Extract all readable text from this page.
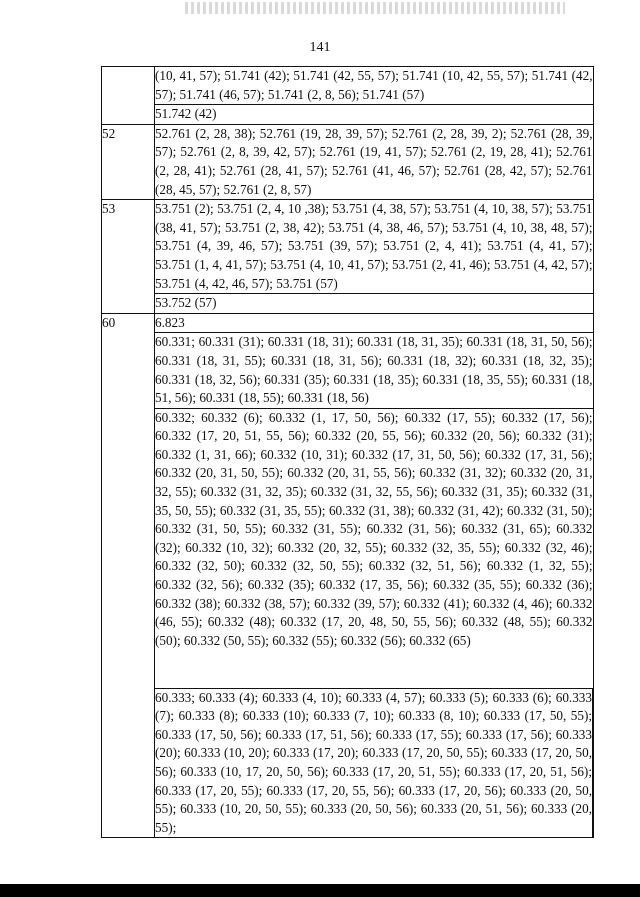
141

	(10, 41, 57); 51.741 (42); 51.741 (42, 55, 57); 51.741 (10, 42, 55, 57); 51.741 (42, 57); 51.741 (46, 57); 51.741 (2, 8, 56); 51.741 (57)

	51.742 (42)

52	52.761 (2, 28, 38); 52.761 (19, 28, 39, 57); 52.761 (2, 28, 39, 2); 52.761 (28, 39, 57); 52.761 (2, 8, 39, 42, 57); 52.761 (19, 41, 57); 52.761 (2, 19, 28, 41); 52.761 (2, 28, 41); 52.761 (28, 41, 57); 52.761 (41, 46, 57); 52.761 (28, 42, 57); 52.761 (28, 45, 57); 52.761 (2, 8, 57)

53	53.751 (2); 53.751 (2, 4, 10 ,38); 53.751 (4, 38, 57); 53.751 (4, 10, 38, 57); 53.751 (38, 41, 57); 53.751 (2, 38, 42); 53.751 (4, 38, 46, 57); 53.751 (4, 10, 38, 48, 57); 53.751 (4, 39, 46, 57); 53.751 (39, 57); 53.751 (2, 4, 41); 53.751 (4, 41, 57); 53.751 (1, 4, 41, 57); 53.751 (4, 10, 41, 57); 53.751 (2, 41, 46); 53.751 (4, 42, 57); 53.751 (4, 42, 46, 57); 53.751 (57)

	53.752 (57)

60	6.823

	60.331; 60.331 (31); 60.331 (18, 31); 60.331 (18, 31, 35); 60.331 (18, 31, 50, 56); 60.331 (18, 31, 55); 60.331 (18, 31, 56); 60.331 (18, 32); 60.331 (18, 32, 35); 60.331 (18, 32, 56); 60.331 (35); 60.331 (18, 35); 60.331 (18, 35, 55); 60.331 (18, 51, 56); 60.331 (18, 55); 60.331 (18, 56)

	60.332; 60.332 (6); 60.332 (1, 17, 50, 56); 60.332 (17, 55); 60.332 (17, 56); 60.332 (17, 20, 51, 55, 56); 60.332 (20, 55, 56); 60.332 (20, 56); 60.332 (31); 60.332 (1, 31, 66); 60.332 (10, 31); 60.332 (17, 31, 50, 56); 60.332 (17, 31, 56); 60.332 (20, 31, 50, 55); 60.332 (20, 31, 55, 56); 60.332 (31, 32); 60.332 (20, 31, 32, 55); 60.332 (31, 32, 35); 60.332 (31, 32, 55, 56); 60.332 (31, 35); 60.332 (31, 35, 50, 55); 60.332 (31, 35, 55); 60.332 (31, 38); 60.332 (31, 42); 60.332 (31, 50); 60.332 (31, 50, 55); 60.332 (31, 55); 60.332 (31, 56); 60.332 (31, 65); 60.332 (32); 60.332 (10, 32); 60.332 (20, 32, 55); 60.332 (32, 35, 55); 60.332 (32, 46); 60.332 (32, 50); 60.332 (32, 50, 55); 60.332 (32, 51, 56); 60.332 (1, 32, 55); 60.332 (32, 56); 60.332 (35); 60.332 (17, 35, 56); 60.332 (35, 55); 60.332 (36); 60.332 (38); 60.332 (38, 57); 60.332 (39, 57); 60.332 (41); 60.332 (4, 46); 60.332 (46, 55); 60.332 (48); 60.332 (17, 20, 48, 50, 55, 56); 60.332 (48, 55); 60.332 (50); 60.332 (50, 55); 60.332 (55); 60.332 (56); 60.332 (65)

	60.333; 60.333 (4); 60.333 (4, 10); 60.333 (4, 57); 60.333 (5); 60.333 (6); 60.333 (7); 60.333 (8); 60.333 (10); 60.333 (7, 10); 60.333 (8, 10); 60.333 (17, 50, 55); 60.333 (17, 50, 56); 60.333 (17, 51, 56); 60.333 (17, 55); 60.333 (17, 56); 60.333 (20); 60.333 (10, 20); 60.333 (17, 20); 60.333 (17, 20, 50, 55); 60.333 (17, 20, 50, 56); 60.333 (10, 17, 20, 50, 56); 60.333 (17, 20, 51, 55); 60.333 (17, 20, 51, 56); 60.333 (17, 20, 55); 60.333 (17, 20, 55, 56); 60.333 (17, 20, 56); 60.333 (20, 50, 55); 60.333 (10, 20, 50, 55); 60.333 (20, 50, 56); 60.333 (20, 51, 56); 60.333 (20, 55);
